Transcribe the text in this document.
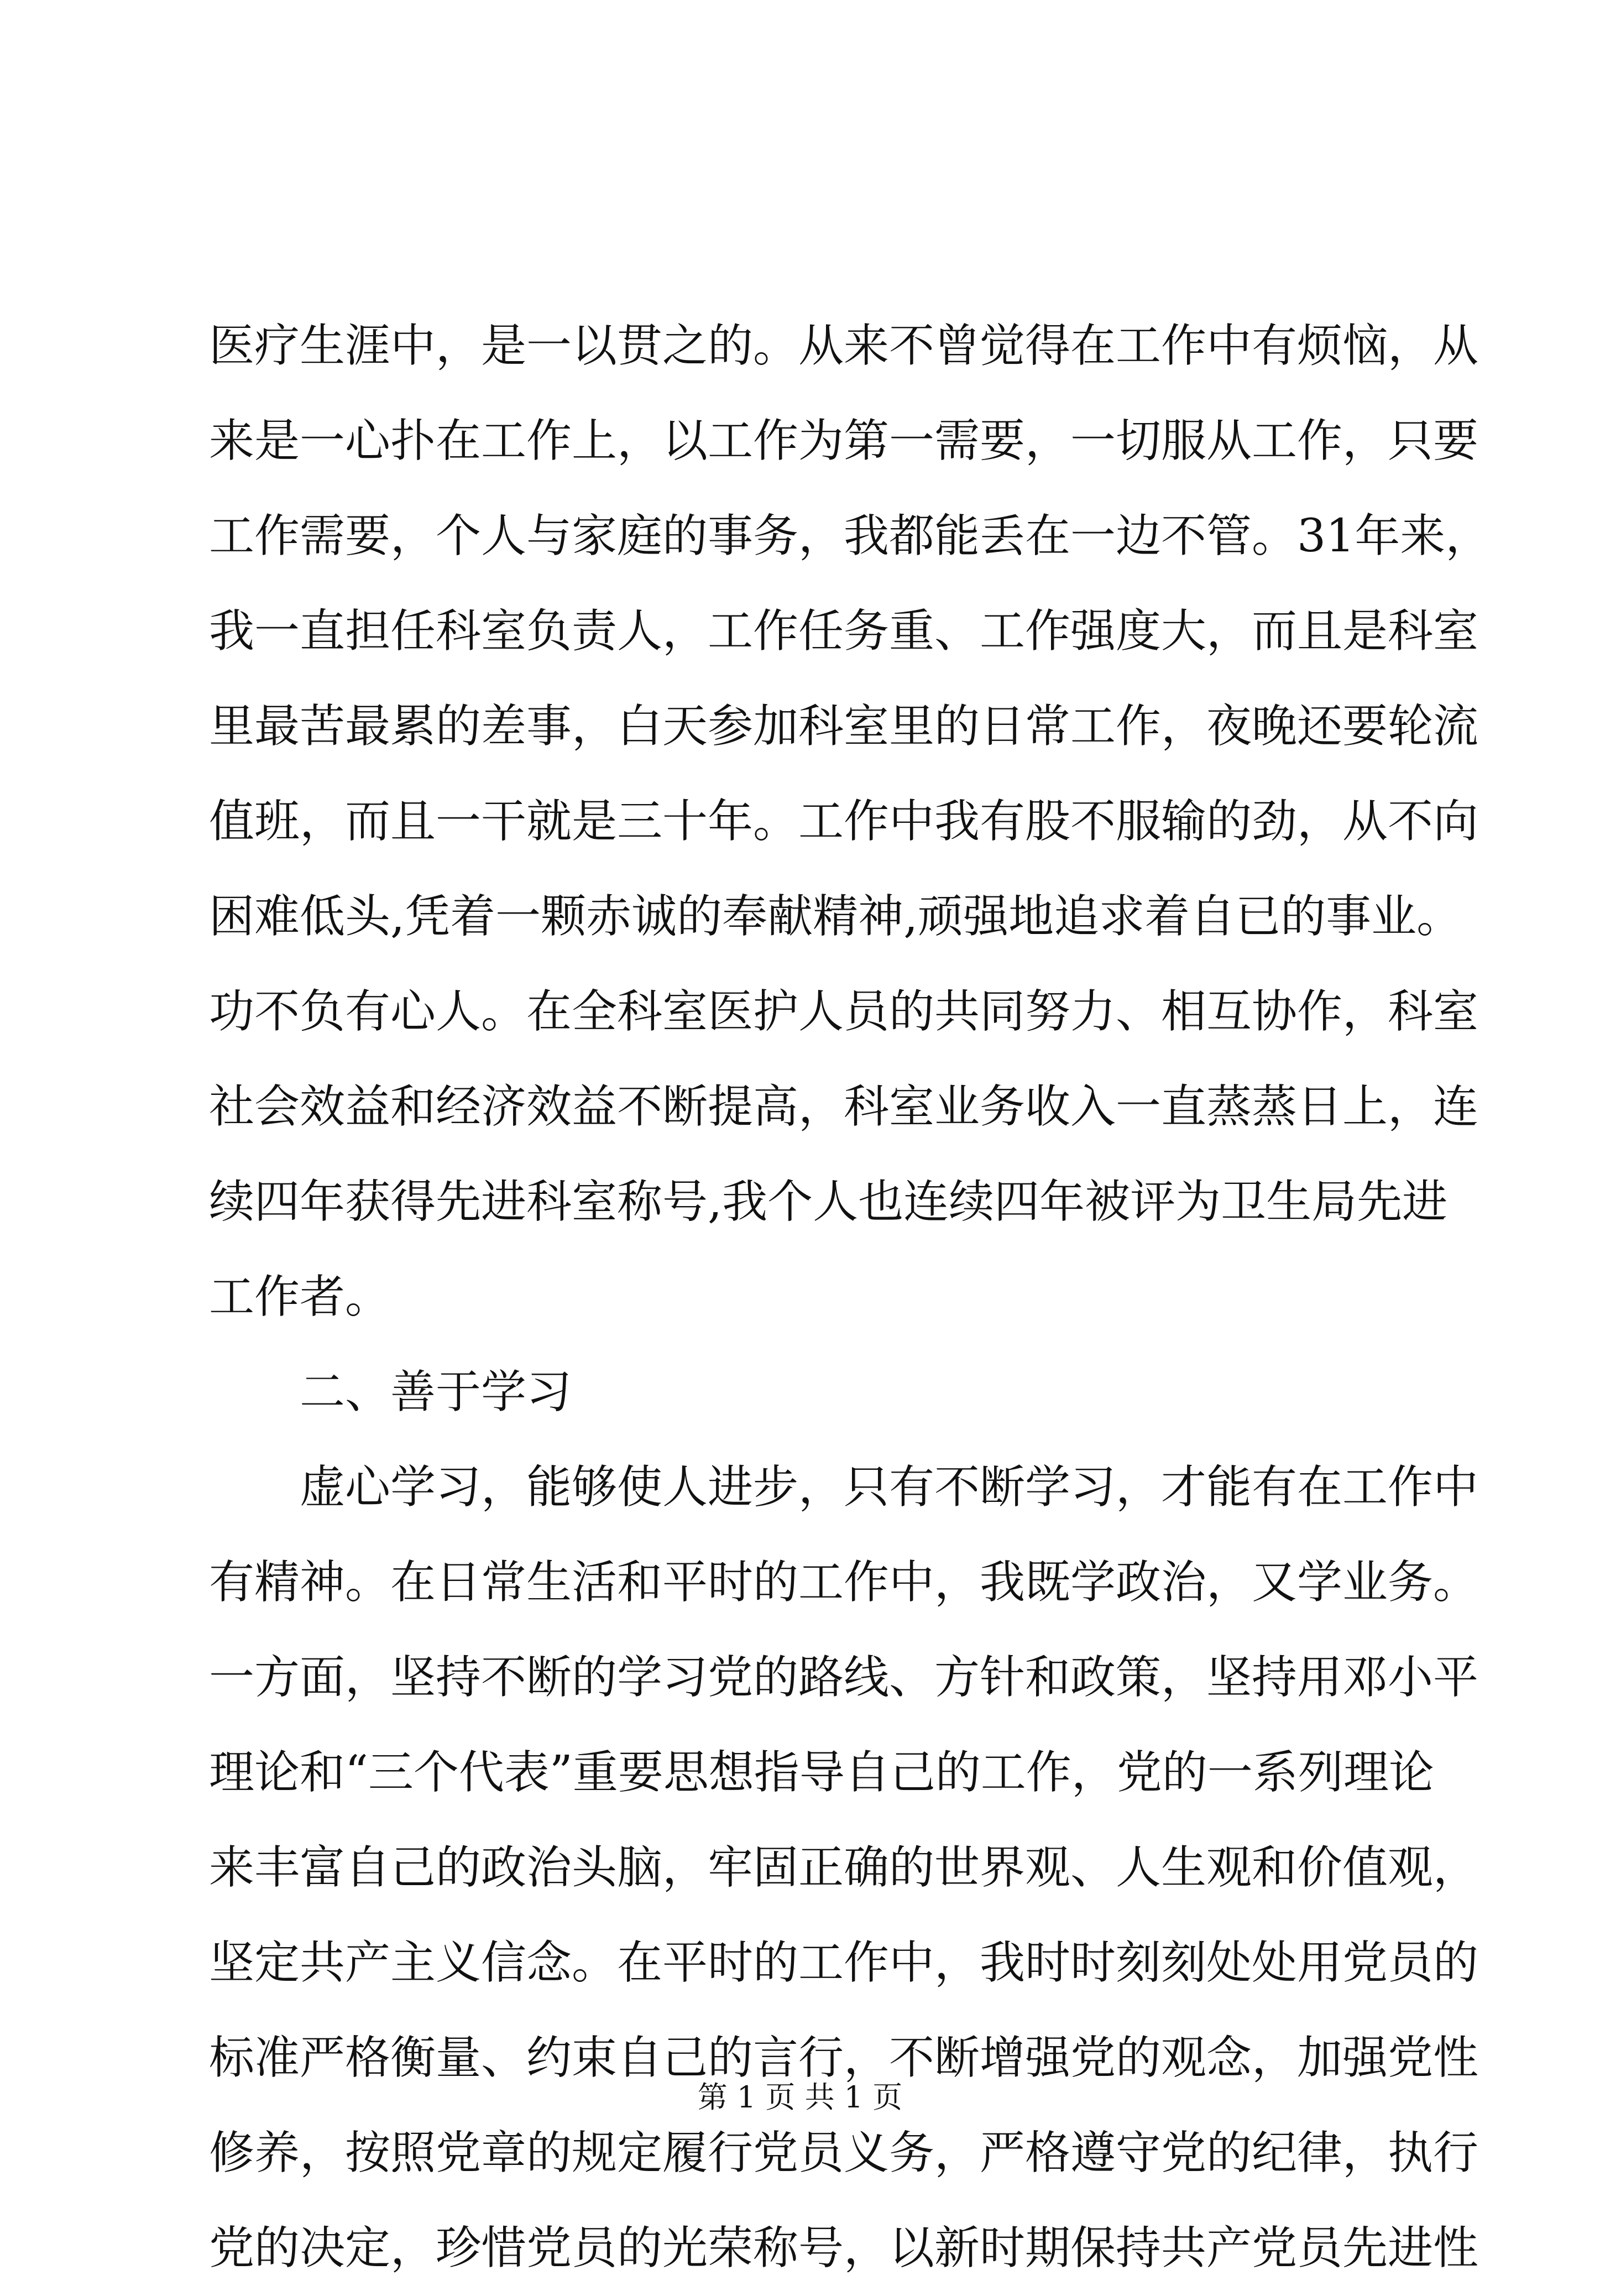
医疗生涯中，是一以贯之的。从来不曾觉得在工作中有烦恼，从
来是一心扑在工作上，以工作为第一需要，一切服从工作，只要
工作需要，个人与家庭的事务，我都能丢在一边不管。31年来，
我一直担任科室负责人，工作任务重、工作强度大，而且是科室
里最苦最累的差事，白天参加科室里的日常工作，夜晚还要轮流
值班，而且一干就是三十年。工作中我有股不服输的劲，从不向
困难低头,凭着一颗赤诚的奉献精神,顽强地追求着自已的事业。
功不负有心人。在全科室医护人员的共同努力、相互协作，科室
社会效益和经济效益不断提高，科室业务收入一直蒸蒸日上，连
续四年获得先进科室称号,我个人也连续四年被评为卫生局先进
工作者。
二、善于学习
虚心学习，能够使人进步，只有不断学习，才能有在工作中
有精神。在日常生活和平时的工作中，我既学政治，又学业务。
一方面，坚持不断的学习党的路线、方针和政策，坚持用邓小平
理论和“三个代表”重要思想指导自己的工作，党的一系列理论
来丰富自己的政治头脑，牢固正确的世界观、人生观和价值观，
坚定共产主义信念。在平时的工作中，我时时刻刻处处用党员的
标准严格衡量、约束自己的言行，不断增强党的观念，加强党性
修养，按照党章的规定履行党员义务，严格遵守党的纪律，执行
党的决定，珍惜党员的光荣称号，以新时期保持共产党员先进性
第 1 页 共 1 页
